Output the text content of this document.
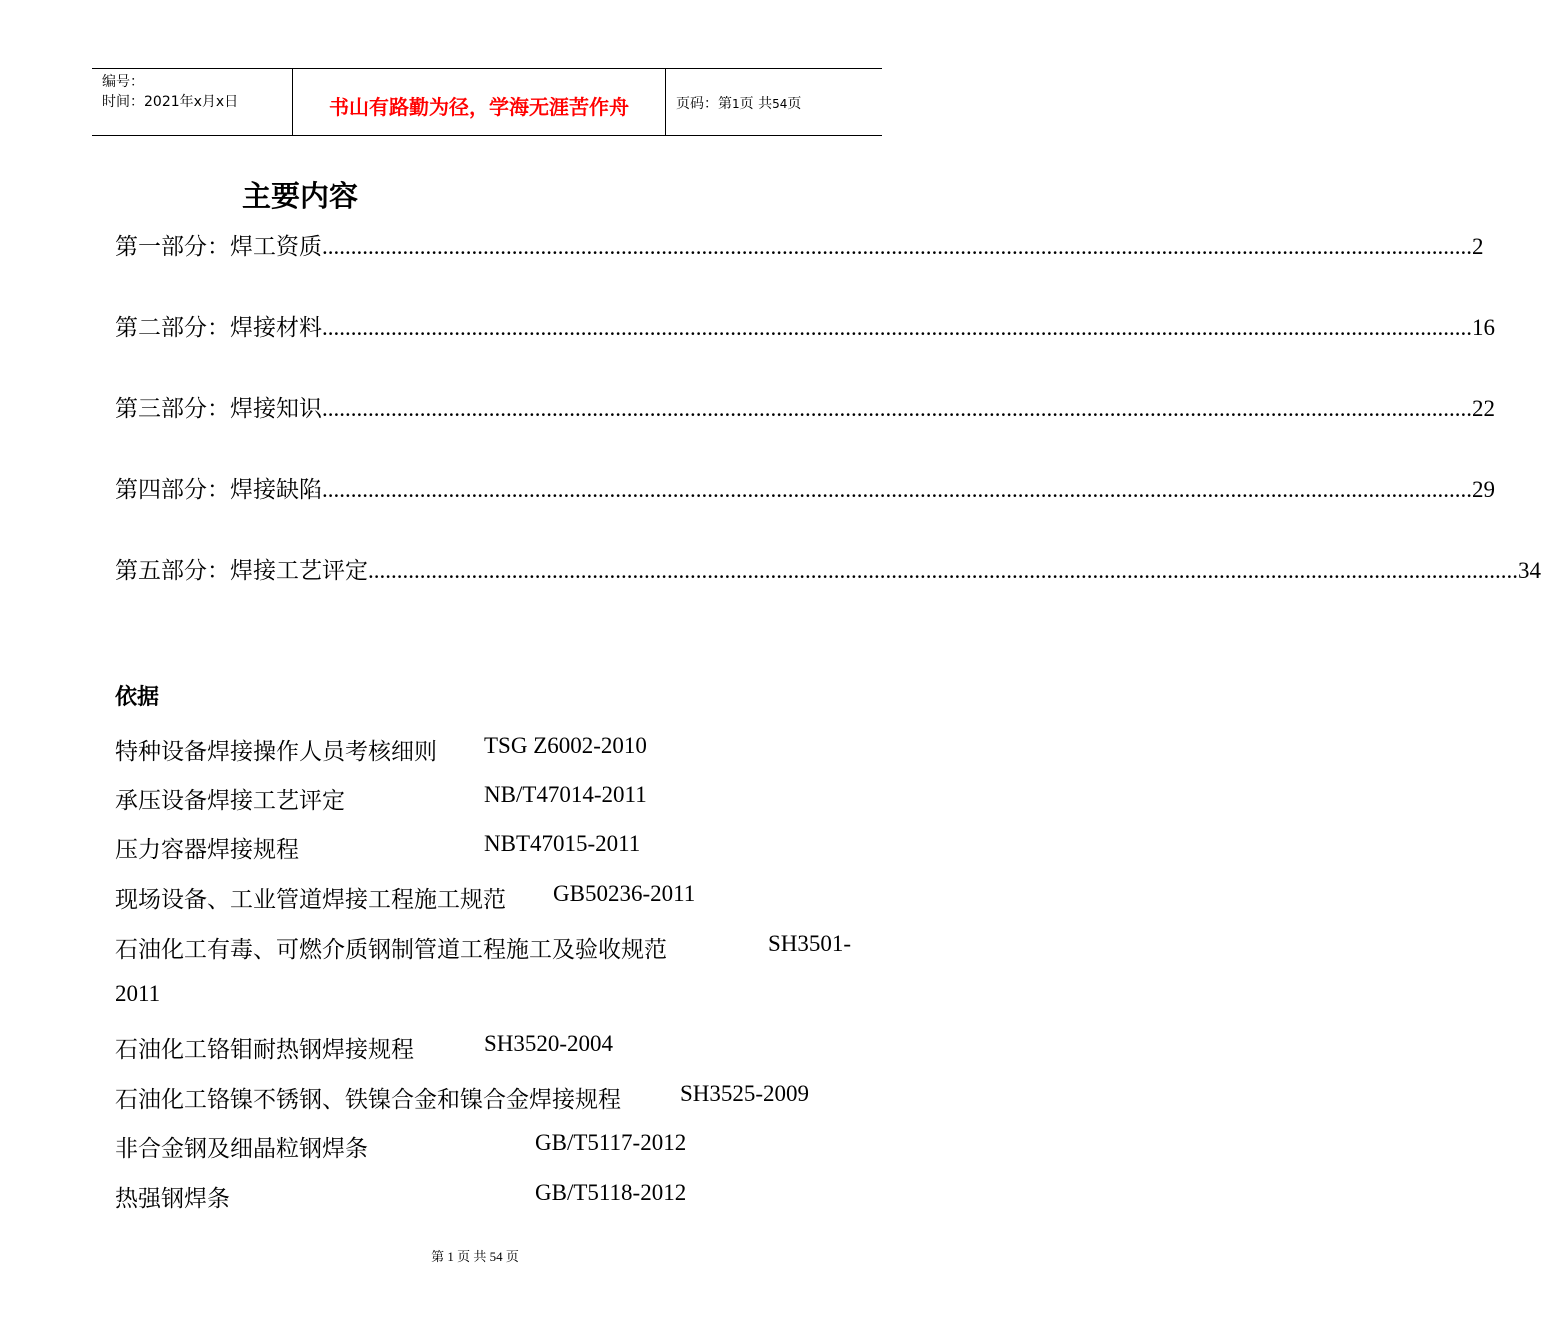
编号：
时间：2021年x月x日	书山有路勤为径，学海无涯苦作舟	页码：第1页 共54页
主要内容
第一部分：焊工资质 ........................................................................................................................................................................................................ 2
第二部分：焊接材料 ........................................................................................................................................................................................................ 16
第三部分：焊接知识 ........................................................................................................................................................................................................ 22
第四部分：焊接缺陷 ........................................................................................................................................................................................................ 29
第五部分：焊接工艺评定 ........................................................................................................................................................................................................ 34
依据
特种设备焊接操作人员考核细则 TSG Z6002-2010
承压设备焊接工艺评定	NB/T47014-2011
压力容器焊接规程	NBT47015-2011
现场设备、工业管道焊接工程施工规范 GB50236-2011
石油化工有毒、可燃介质钢制管道工程施工及验收规范	SH3501-
2011
石油化工铬钼耐热钢焊接规程	SH3520-2004
石油化工铬镍不锈钢、铁镍合金和镍合金焊接规程	SH3525-2009
非合金钢及细晶粒钢焊条	GB/T5117-2012
热强钢焊条	GB/T5118-2012
第 1 页 共 54 页
